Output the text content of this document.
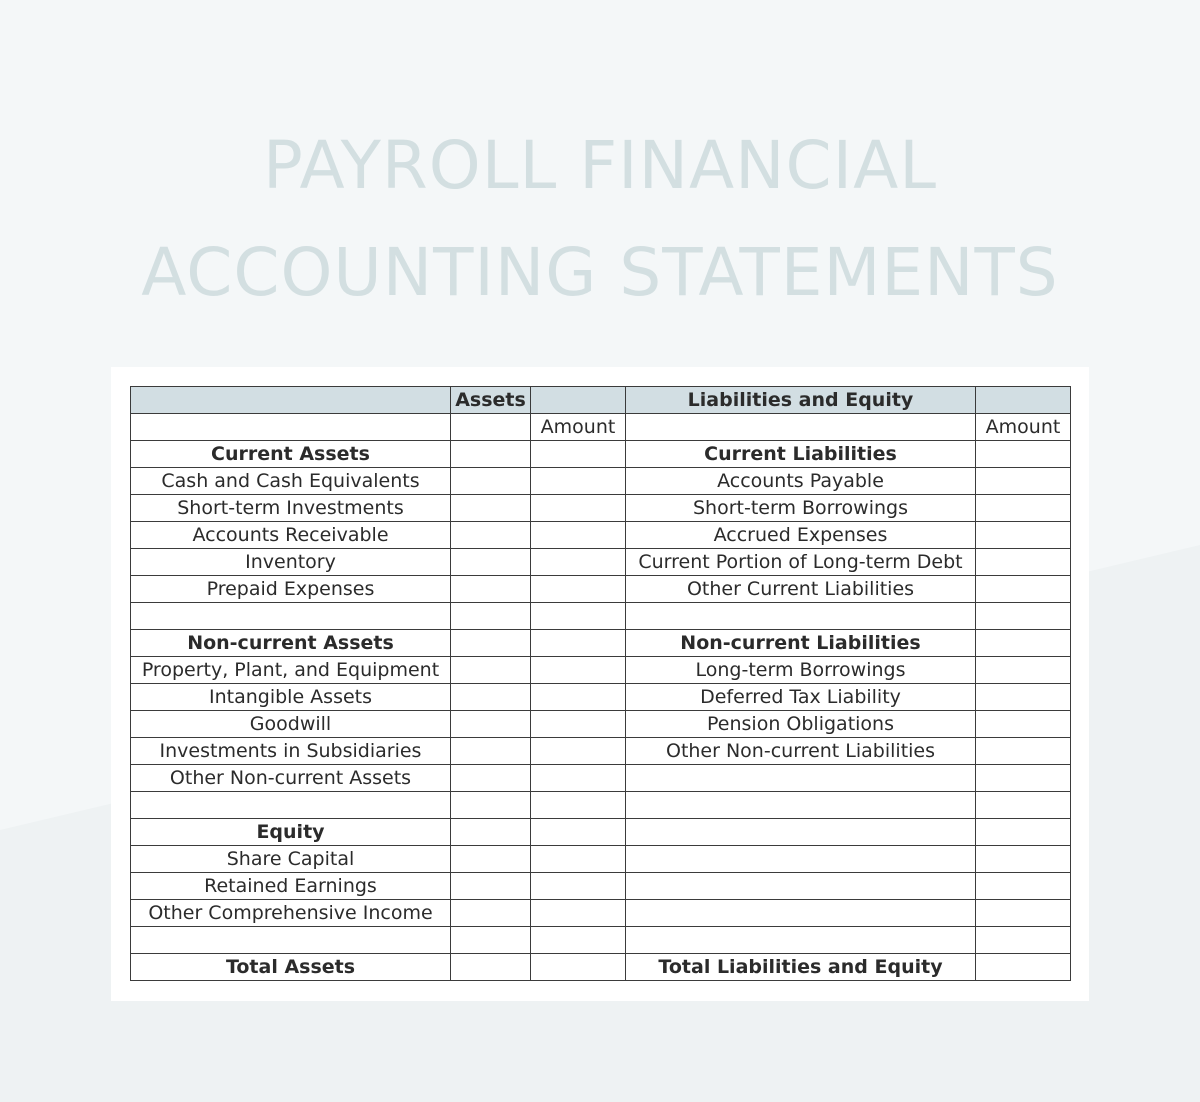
PAYROLL FINANCIAL
ACCOUNTING STATEMENTS
	Assets		Liabilities and Equity	
		Amount		Amount
Current Assets			Current Liabilities	
Cash and Cash Equivalents			Accounts Payable	
Short-term Investments			Short-term Borrowings	
Accounts Receivable			Accrued Expenses	
Inventory			Current Portion of Long-term Debt	
Prepaid Expenses			Other Current Liabilities	

Non-current Assets			Non-current Liabilities	
Property, Plant, and Equipment			Long-term Borrowings	
Intangible Assets			Deferred Tax Liability	
Goodwill			Pension Obligations	
Investments in Subsidiaries			Other Non-current Liabilities	
Other Non-current Assets				

Equity				
Share Capital				
Retained Earnings				
Other Comprehensive Income				

Total Assets			Total Liabilities and Equity	
